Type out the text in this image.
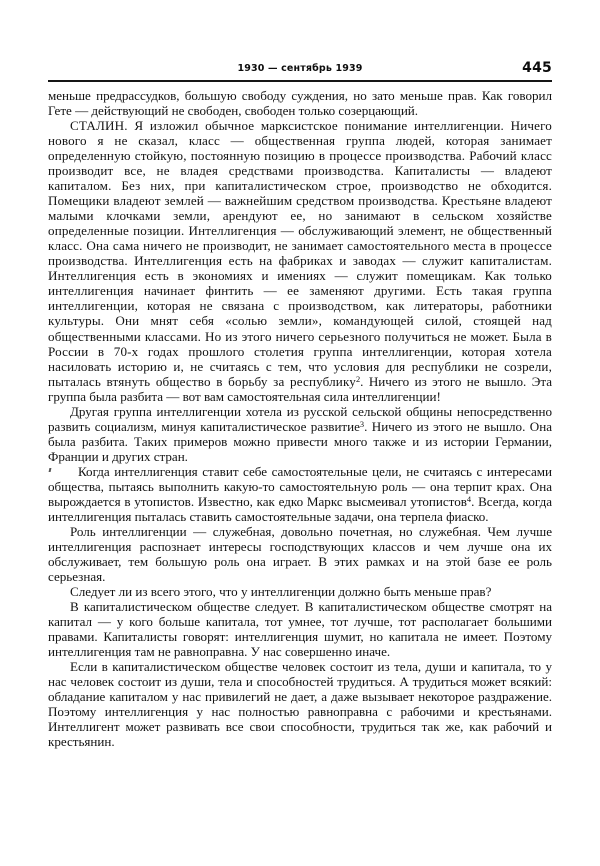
1930 — сентябрь 1939	445

меньше предрассудков, большую свободу суждения, но зато меньше прав. Как говорил Гете — действующий не свободен, свободен только созерцающий.

СТАЛИН. Я изложил обычное марксистское понимание интеллигенции. Ничего нового я не сказал, класс — общественная группа людей, которая занимает определенную стойкую, постоянную позицию в процессе производства. Рабочий класс производит все, не владея средствами производства. Капиталисты — владеют капиталом. Без них, при капиталистическом строе, производство не обходится. Помещики владеют землей — важнейшим средством производства. Крестьяне владеют малыми клочками земли, арендуют ее, но занимают в сельском хозяйстве определенные позиции. Интеллигенция — обслуживающий элемент, не общественный класс. Она сама ничего не производит, не занимает самостоятельного места в процессе производства. Интеллигенция есть на фабриках и заводах — служит капиталистам. Интеллигенция есть в экономиях и имениях — служит помещикам. Как только интеллигенция начинает финтить — ее заменяют другими. Есть такая группа интеллигенции, которая не связана с производством, как литераторы, работники культуры. Они мнят себя «солью земли», командующей силой, стоящей над общественными классами. Но из этого ничего серьезного получиться не может. Была в России в 70-х годах прошлого столетия группа интеллигенции, которая хотела насиловать историю и, не считаясь с тем, что условия для республики не созрели, пыталась втянуть общество в борьбу за республику$^2$. Ничего из этого не вышло. Эта группа была разбита — вот вам самостоятельная сила интеллигенции!

Другая группа интеллигенции хотела из русской сельской общины непосредственно развить социализм, минуя капиталистическое развитие$^3$. Ничего из этого не вышло. Она была разбита. Таких примеров можно привести много также и из истории Германии, Франции и других стран.

Когда интеллигенция ставит себе самостоятельные цели, не считаясь с интересами общества, пытаясь выполнить какую-то самостоятельную роль — она терпит крах. Она вырождается в утопистов. Известно, как едко Маркс высмеивал утопистов$^4$. Всегда, когда интеллигенция пыталась ставить самостоятельные задачи, она терпела фиаско.

Роль интеллигенции — служебная, довольно почетная, но служебная. Чем лучше интеллигенция распознает интересы господствующих классов и чем лучше она их обслуживает, тем большую роль она играет. В этих рамках и на этой базе ее роль серьезная.

Следует ли из всего этого, что у интеллигенции должно быть меньше прав?

В капиталистическом обществе следует. В капиталистическом обществе смотрят на капитал — у кого больше капитала, тот умнее, тот лучше, тот располагает большими правами. Капиталисты говорят: интеллигенция шумит, но капитала не имеет. Поэтому интеллигенция там не равноправна. У нас совершенно иначе.

Если в капиталистическом обществе человек состоит из тела, души и капитала, то у нас человек состоит из души, тела и способностей трудиться. А трудиться может всякий: обладание капиталом у нас привилегий не дает, а даже вызывает некоторое раздражение. Поэтому интеллигенция у нас полностью равноправна с рабочими и крестьянами. Интеллигент может развивать все свои способности, трудиться так же, как рабочий и крестьянин.
